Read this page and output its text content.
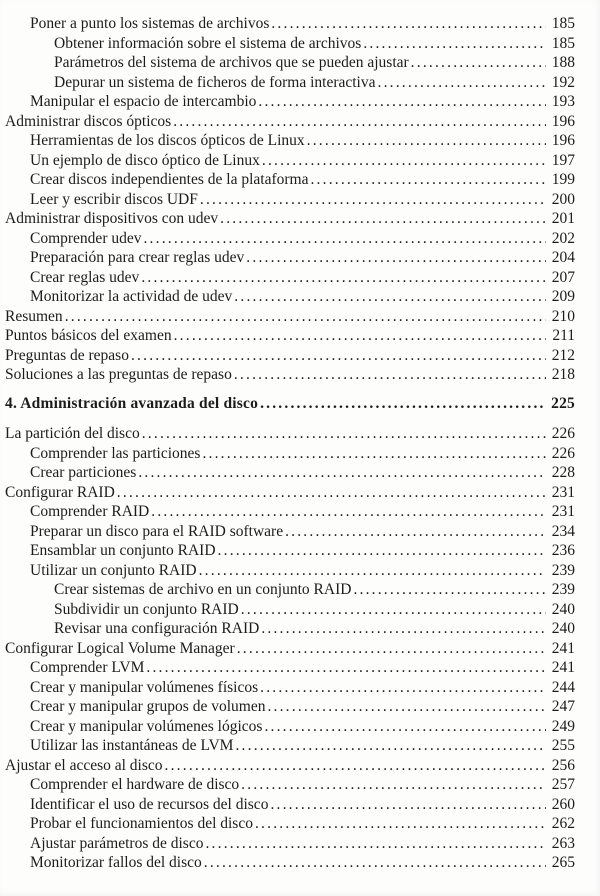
Poner a punto los sistemas de archivos .....	185
Obtener información sobre el sistema de archivos .....	185
Parámetros del sistema de archivos que se pueden ajustar .....	188
Depurar un sistema de ficheros de forma interactiva .....	192
Manipular el espacio de intercambio .....	193
Administrar discos ópticos .....	196
Herramientas de los discos ópticos de Linux .....	196
Un ejemplo de disco óptico de Linux .....	197
Crear discos independientes de la plataforma .....	199
Leer y escribir discos UDF .....	200
Administrar dispositivos con udev .....	201
Comprender udev .....	202
Preparación para crear reglas udev .....	204
Crear reglas udev .....	207
Monitorizar la actividad de udev .....	209
Resumen .....	210
Puntos básicos del examen .....	211
Preguntas de repaso .....	212
Soluciones a las preguntas de repaso .....	218
4. Administración avanzada del disco .....	225
La partición del disco .....	226
Comprender las particiones .....	226
Crear particiones .....	228
Configurar RAID .....	231
Comprender RAID .....	231
Preparar un disco para el RAID software .....	234
Ensamblar un conjunto RAID .....	236
Utilizar un conjunto RAID .....	239
Crear sistemas de archivo en un conjunto RAID .....	239
Subdividir un conjunto RAID .....	240
Revisar una configuración RAID .....	240
Configurar Logical Volume Manager .....	241
Comprender LVM .....	241
Crear y manipular volúmenes físicos .....	244
Crear y manipular grupos de volumen .....	247
Crear y manipular volúmenes lógicos .....	249
Utilizar las instantáneas de LVM .....	255
Ajustar el acceso al disco .....	256
Comprender el hardware de disco .....	257
Identificar el uso de recursos del disco .....	260
Probar el funcionamientos del disco .....	262
Ajustar parámetros de disco .....	263
Monitorizar fallos del disco .....	265
